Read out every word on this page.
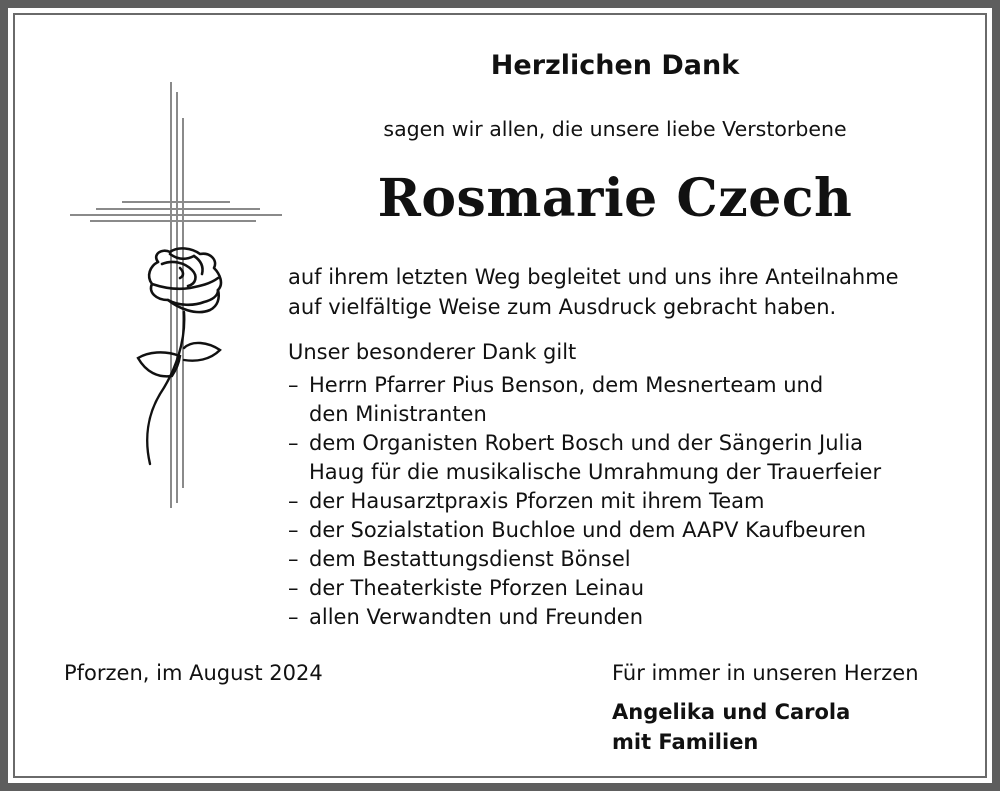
Herzlichen Dank
sagen wir allen, die unsere liebe Verstorbene
Rosmarie Czech
auf ihrem letzten Weg begleitet und uns ihre Anteilnahme
auf vielfältige Weise zum Ausdruck gebracht haben.
Unser besonderer Dank gilt
– Herrn Pfarrer Pius Benson, dem Mesnerteam und
den Ministranten
– dem Organisten Robert Bosch und der Sängerin Julia
Haug für die musikalische Umrahmung der Trauerfeier
– der Hausarztpraxis Pforzen mit ihrem Team
– der Sozialstation Buchloe und dem AAPV Kaufbeuren
– dem Bestattungsdienst Bönsel
– der Theaterkiste Pforzen Leinau
– allen Verwandten und Freunden
Pforzen, im August 2024	Für immer in unseren Herzen
Angelika und Carola
mit Familien
